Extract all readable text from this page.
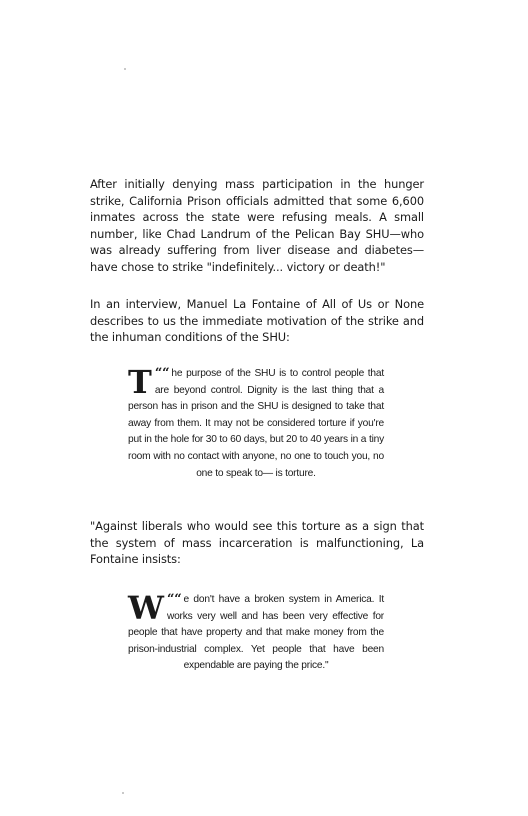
After initially denying mass participation in the hunger strike, California Prison officials admitted that some 6,600 inmates across the state were refusing meals. A small number, like Chad Landrum of the Pelican Bay SHU—who was already suffering from liver disease and diabetes—have chose to strike "indefinitely... victory or death!"

In an interview, Manuel La Fontaine of All of Us or None describes to us the immediate motivation of the strike and the inhuman conditions of the SHU:

““
T he purpose of the SHU is to control people that are beyond control. Dignity is the last thing that a person has in prison and the SHU is designed to take that away from them. It may not be considered torture if you're put in the hole for 30 to 60 days, but 20 to 40 years in a tiny room with no contact with anyone, no one to touch you, no one to speak to— is torture.

"Against liberals who would see this torture as a sign that the system of mass incarceration is malfunctioning, La Fontaine insists:

““
W e don't have a broken system in America. It works very well and has been very effective for people that have property and that make money from the prison-industrial complex. Yet people that have been expendable are paying the price."
